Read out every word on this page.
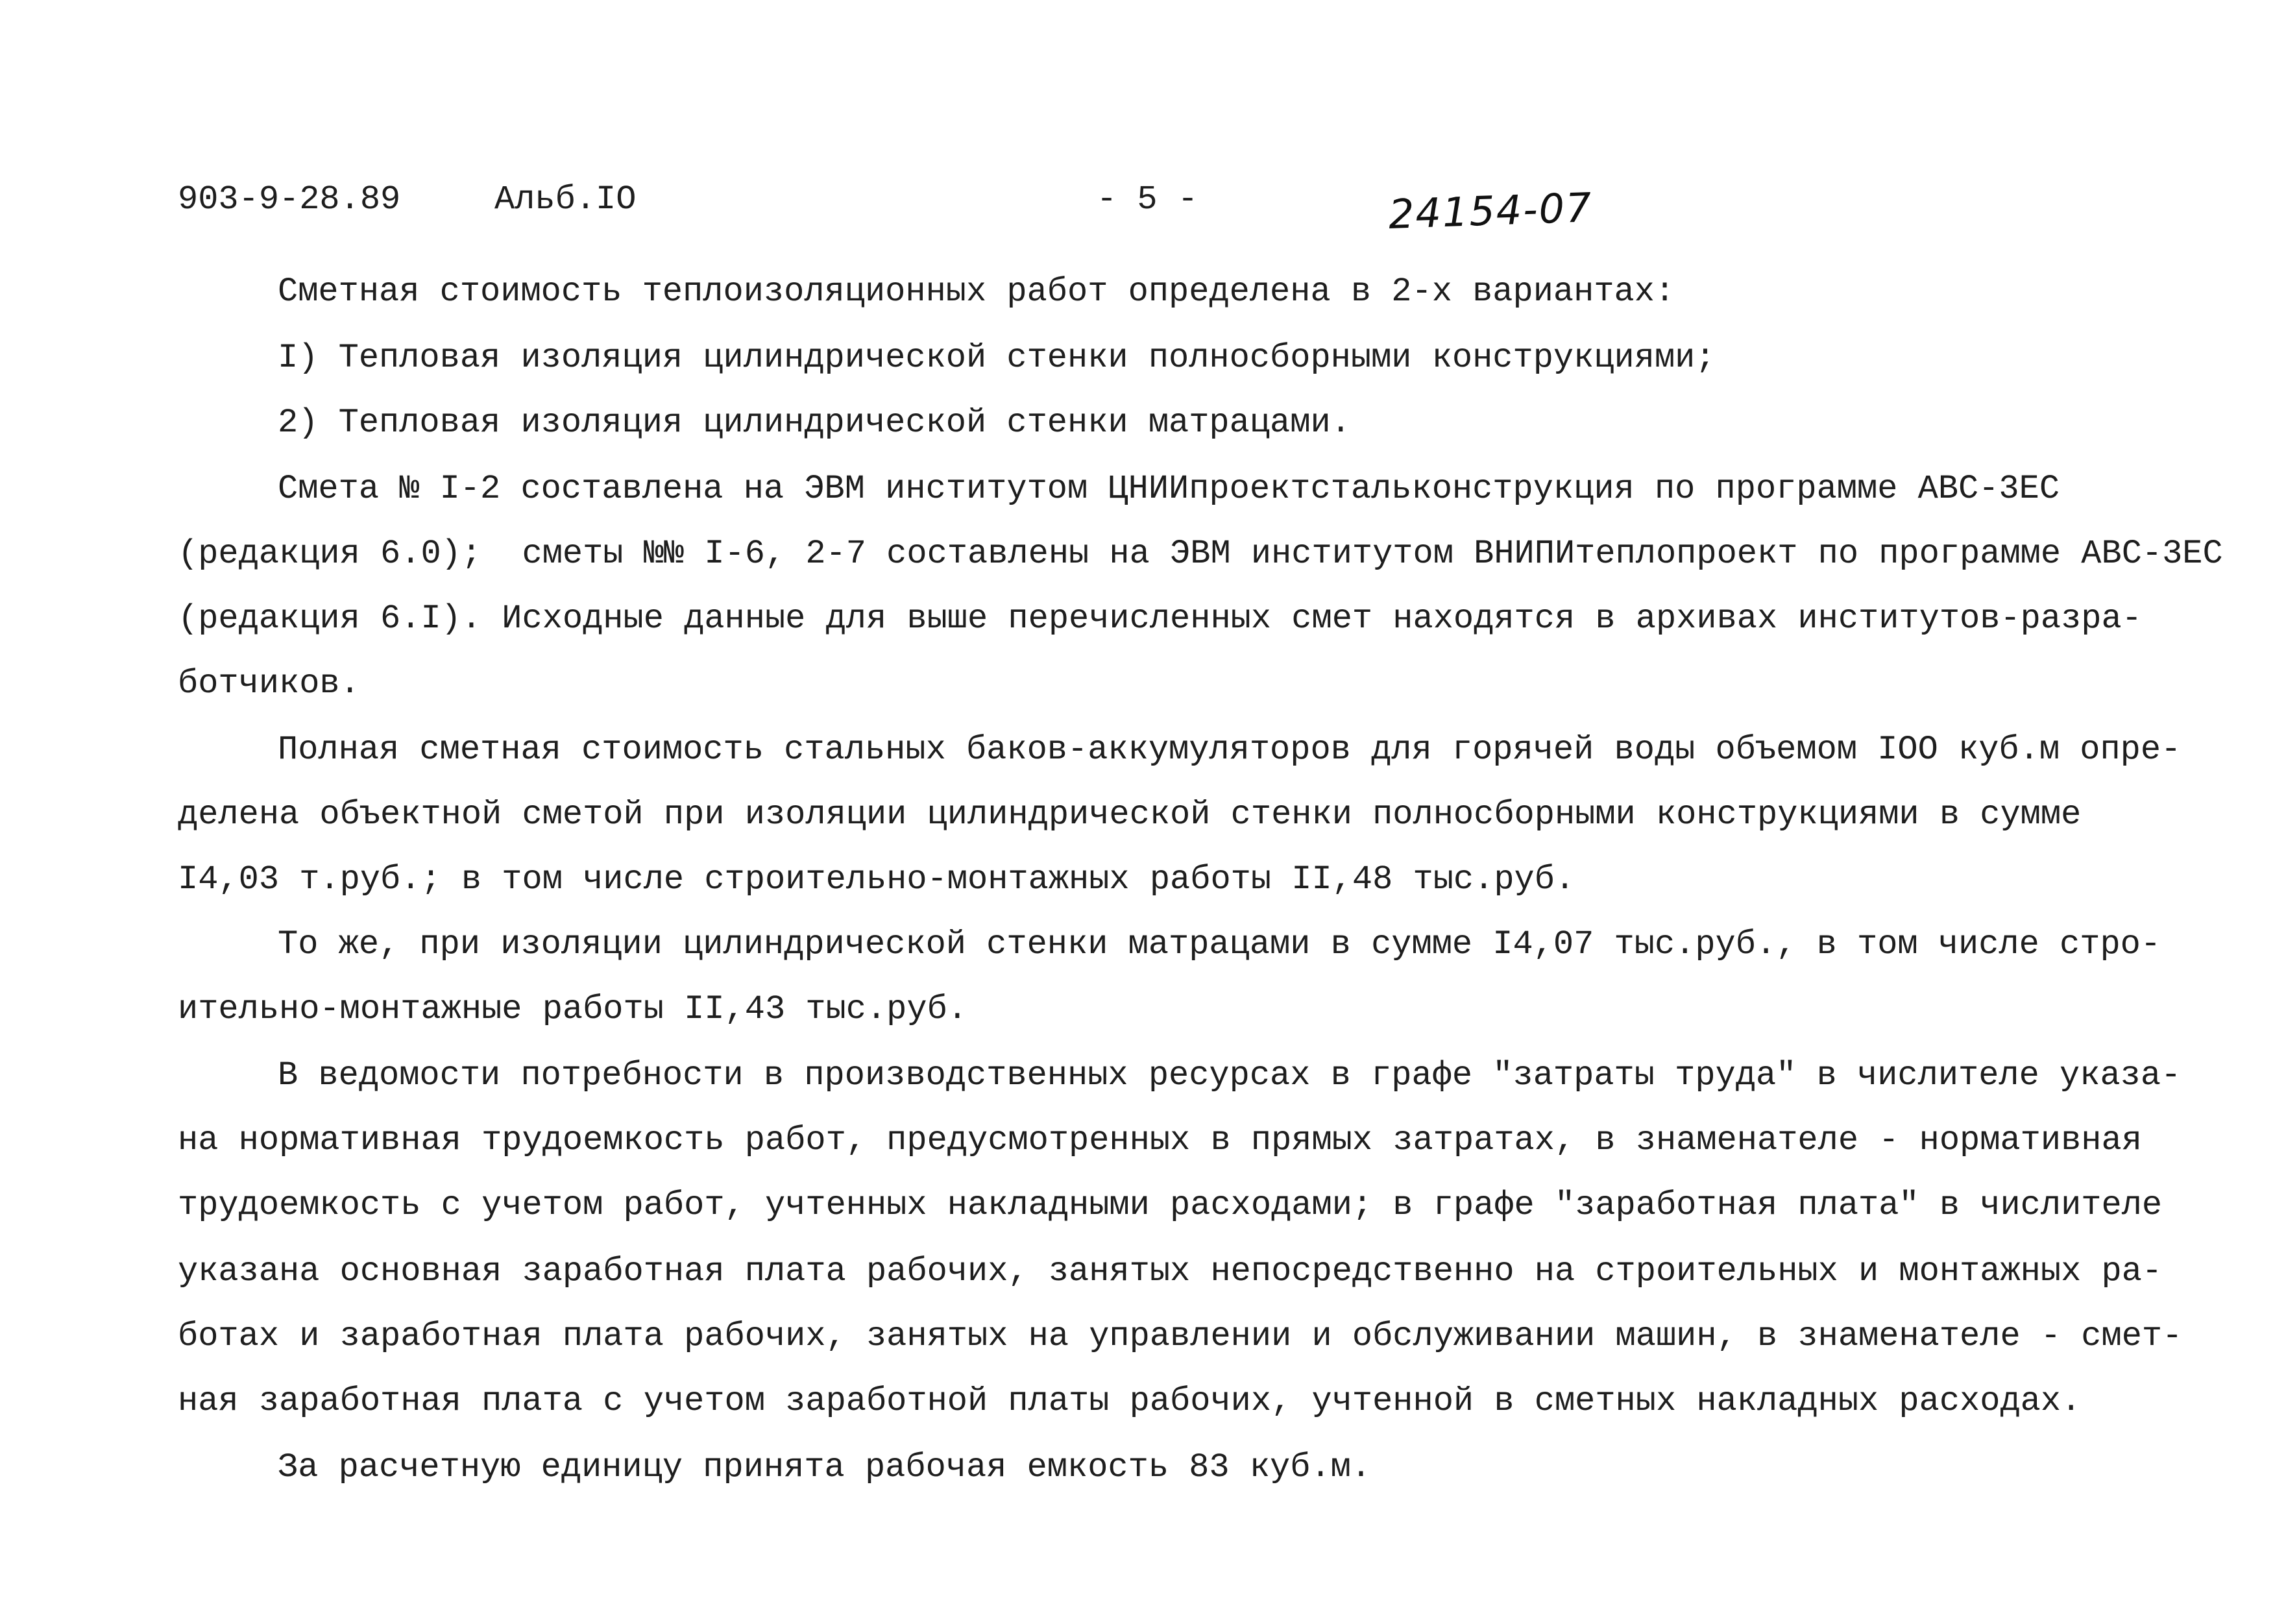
903-9-28.89	Альб.IO	- 5 -	24154-07
Сметная стоимость теплоизоляционных работ определена в 2-х вариантах:
I) Тепловая изоляция цилиндрической стенки полносборными конструкциями;
2) Тепловая изоляция цилиндрической стенки матрацами.
Смета № I-2 составлена на ЭВМ институтом ЦНИИпроектстальконструкция по программе АВС-3ЕС
(редакция 6.0);  сметы №№ I-6, 2-7 составлены на ЭВМ институтом ВНИПИтеплопроект по программе АВС-3ЕС
(редакция 6.I). Исходные данные для выше перечисленных смет находятся в архивах институтов-разра-
ботчиков.
Полная сметная стоимость стальных баков-аккумуляторов для горячей воды объемом IOO куб.м опре-
делена объектной сметой при изоляции цилиндрической стенки полносборными конструкциями в сумме
I4,03 т.руб.; в том числе строительно-монтажных работы II,48 тыс.руб.
То же, при изоляции цилиндрической стенки матрацами в сумме I4,07 тыс.руб., в том числе стро-
ительно-монтажные работы II,43 тыс.руб.
В ведомости потребности в производственных ресурсах в графе "затраты труда" в числителе указа-
на нормативная трудоемкость работ, предусмотренных в прямых затратах, в знаменателе - нормативная
трудоемкость с учетом работ, учтенных накладными расходами; в графе "заработная плата" в числителе
указана основная заработная плата рабочих, занятых непосредственно на строительных и монтажных ра-
ботах и заработная плата рабочих, занятых на управлении и обслуживании машин, в знаменателе - смет-
ная заработная плата с учетом заработной платы рабочих, учтенной в сметных накладных расходах.
За расчетную единицу принята рабочая емкость 83 куб.м.
